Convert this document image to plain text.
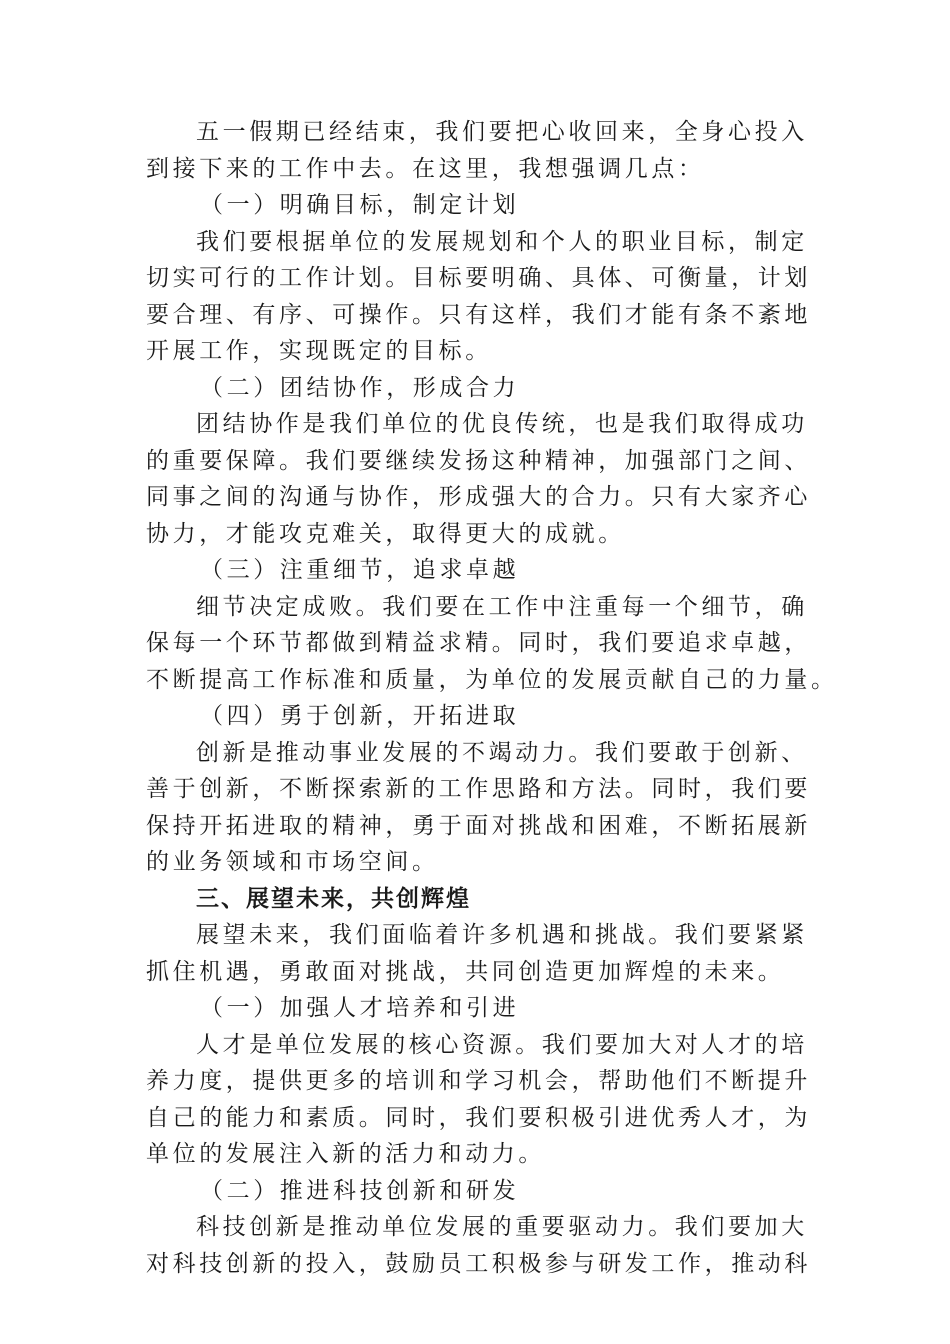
五一假期已经结束，我们要把心收回来，全身心投入
到接下来的工作中去。在这里，我想强调几点：
（一）明确目标，制定计划
我们要根据单位的发展规划和个人的职业目标，制定
切实可行的工作计划。目标要明确、具体、可衡量，计划
要合理、有序、可操作。只有这样，我们才能有条不紊地
开展工作，实现既定的目标。
（二）团结协作，形成合力
团结协作是我们单位的优良传统，也是我们取得成功
的重要保障。我们要继续发扬这种精神，加强部门之间、
同事之间的沟通与协作，形成强大的合力。只有大家齐心
协力，才能攻克难关，取得更大的成就。
（三）注重细节，追求卓越
细节决定成败。我们要在工作中注重每一个细节，确
保每一个环节都做到精益求精。同时，我们要追求卓越，
不断提高工作标准和质量，为单位的发展贡献自己的力量。
（四）勇于创新，开拓进取
创新是推动事业发展的不竭动力。我们要敢于创新、
善于创新，不断探索新的工作思路和方法。同时，我们要
保持开拓进取的精神，勇于面对挑战和困难，不断拓展新
的业务领域和市场空间。
三、展望未来，共创辉煌
展望未来，我们面临着许多机遇和挑战。我们要紧紧
抓住机遇，勇敢面对挑战，共同创造更加辉煌的未来。
（一）加强人才培养和引进
人才是单位发展的核心资源。我们要加大对人才的培
养力度，提供更多的培训和学习机会，帮助他们不断提升
自己的能力和素质。同时，我们要积极引进优秀人才，为
单位的发展注入新的活力和动力。
（二）推进科技创新和研发
科技创新是推动单位发展的重要驱动力。我们要加大
对科技创新的投入，鼓励员工积极参与研发工作，推动科
